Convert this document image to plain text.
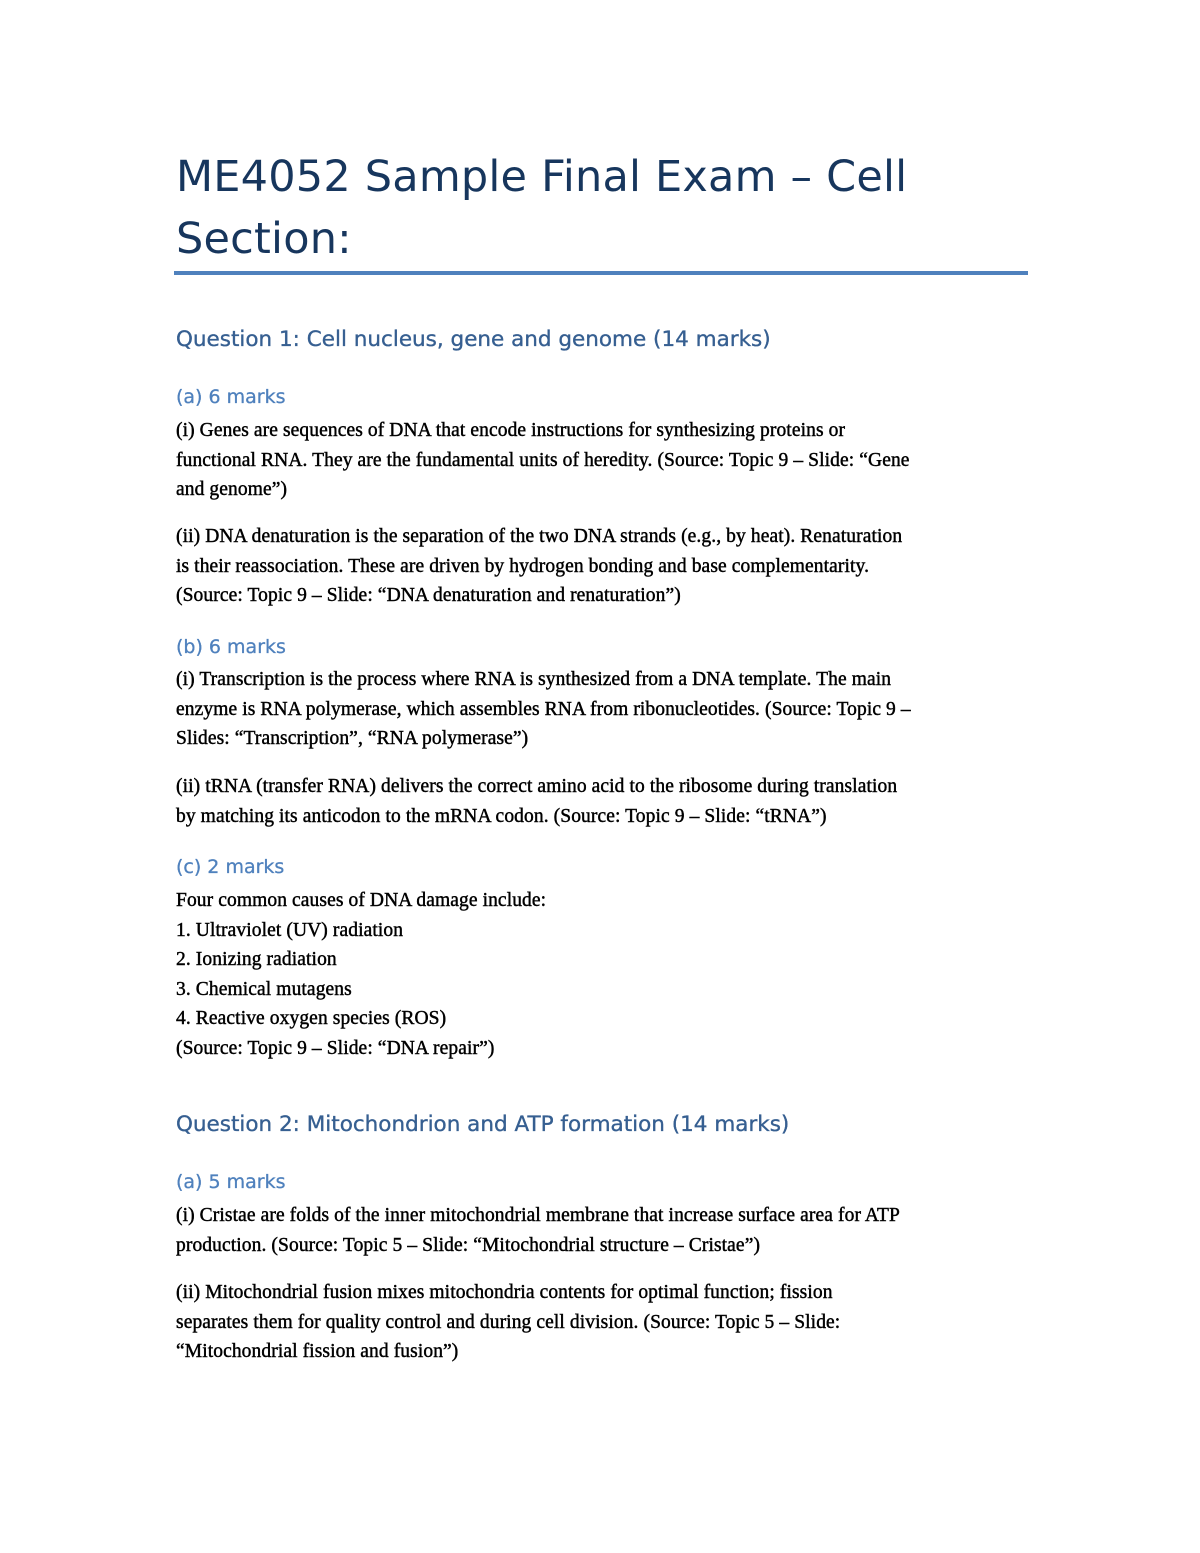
ME4052 Sample Final Exam – Cell
Section:
Question 1: Cell nucleus, gene and genome (14 marks)
(a) 6 marks

(i) Genes are sequences of DNA that encode instructions for synthesizing proteins or
functional RNA. They are the fundamental units of heredity. (Source: Topic 9 – Slide: “Gene
and genome”)

(ii) DNA denaturation is the separation of the two DNA strands (e.g., by heat). Renaturation
is their reassociation. These are driven by hydrogen bonding and base complementarity.
(Source: Topic 9 – Slide: “DNA denaturation and renaturation”)

(b) 6 marks

(i) Transcription is the process where RNA is synthesized from a DNA template. The main
enzyme is RNA polymerase, which assembles RNA from ribonucleotides. (Source: Topic 9 –
Slides: “Transcription”, “RNA polymerase”)

(ii) tRNA (transfer RNA) delivers the correct amino acid to the ribosome during translation
by matching its anticodon to the mRNA codon. (Source: Topic 9 – Slide: “tRNA”)

(c) 2 marks

Four common causes of DNA damage include:
1. Ultraviolet (UV) radiation
2. Ionizing radiation
3. Chemical mutagens
4. Reactive oxygen species (ROS)
(Source: Topic 9 – Slide: “DNA repair”)

Question 2: Mitochondrion and ATP formation (14 marks)
(a) 5 marks

(i) Cristae are folds of the inner mitochondrial membrane that increase surface area for ATP
production. (Source: Topic 5 – Slide: “Mitochondrial structure – Cristae”)

(ii) Mitochondrial fusion mixes mitochondria contents for optimal function; fission
separates them for quality control and during cell division. (Source: Topic 5 – Slide:
“Mitochondrial fission and fusion”)
